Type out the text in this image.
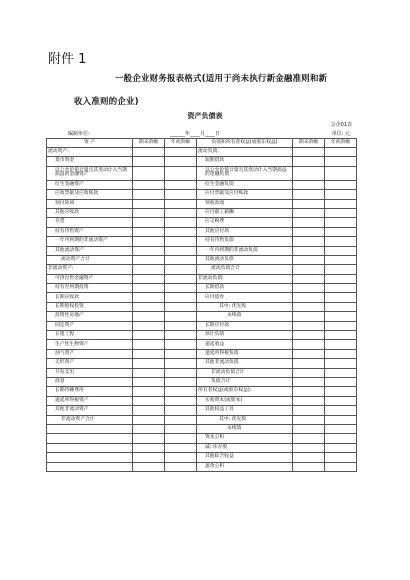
附件 1
一般企业财务报表格式(适用于尚未执行新金融准则和新
收入准则的企业)
资产负债表
会企01表
编制单位:	______年____月____日	单位: 元
资 产	期末余额	年初余额	负债和所有者权益(或股东权益)	期末余额	年初余额
流动资产:			流动负债:		
货币资金			短期借款		
以公允价值计量且其变动计入当期损益的金融资产			以公允价值计量且其变动计入当期损益的金融负债		
衍生金融资产			衍生金融负债		
应收票据及应收账款			应付票据及应付账款		
预付款项			预收款项		
其他应收款			应付职工薪酬		
存货			应交税费		
持有待售资产			其他应付款		
一年内到期的非流动资产			持有待售负债		
其他流动资产			一年内到期的非流动负债		
流动资产合计			其他流动负债		
非流动资产:			流动负债合计		
可供出售金融资产			非流动负债:		
持有至到期投资			长期借款		
长期应收款			应付债券		
长期股权投资			其中: 优先股		
投资性房地产			永续债		
固定资产			长期应付款		
在建工程			预计负债		
生产性生物资产			递延收益		
油气资产			递延所得税负债		
无形资产			其他非流动负债		
开发支出			非流动负债合计		
商誉			负债合计		
长期待摊费用			所有者权益(或股东权益):		
递延所得税资产			实收资本(或股本)		
其他非流动资产			其他权益工具		
非流动资产合计			其中: 优先股		
			永续债		
			资本公积		
			减: 库存股		
			其他综合收益		
			盈余公积		
